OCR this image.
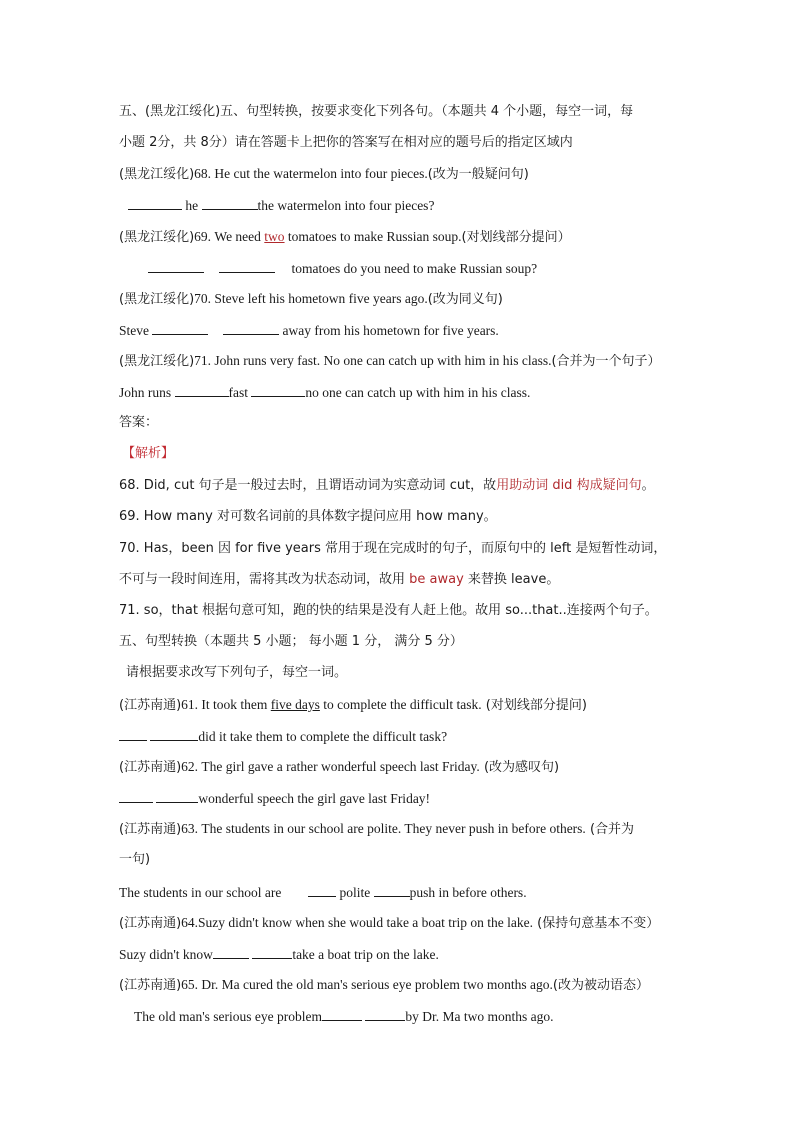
五、(黑龙江绥化)五、句型转换，按要求变化下列各句。（本题共 4 个小题，每空一词，每
小题 2分，共 8分）请在答题卡上把你的答案写在相对应的题号后的指定区域内
(黑龙江绥化)68. He cut the watermelon into four pieces.(改为一般疑问句)
he	the watermelon into four pieces?
(黑龙江绥化)69. We need two tomatoes to make Russian soup.(对划线部分提问）
tomatoes do you need to make Russian soup?
(黑龙江绥化)70. Steve left his hometown five years ago.(改为同义句)
Steve	away from his hometown for five years.
(黑龙江绥化)71. John runs very fast. No one can catch up with him in his class.(合并为一个句子）
John runs	fast	no one can catch up with him in his class.
答案：
【解析】
68. Did, cut 句子是一般过去时，且谓语动词为实意动词 cut，故用助动词 did 构成疑问句。
69. How many 对可数名词前的具体数字提问应用 how many。
70. Has，been 因 for five years 常用于现在完成时的句子，而原句中的 left 是短暂性动词，
不可与一段时间连用，需将其改为状态动词，故用 be away 来替换 leave。
71. so，that 根据句意可知，跑的快的结果是没有人赶上他。故用 so...that..连接两个句子。
五、句型转换（本题共 5 小题； 每小题 1 分， 满分 5 分）
请根据要求改写下列句子，每空一词。
(江苏南通)61. It took them five days to complete the difficult task. (对划线部分提问)
did it take them to complete the difficult task?
(江苏南通)62. The girl gave a rather wonderful speech last Friday. (改为感叹句)
wonderful speech the girl gave last Friday!
(江苏南通)63. The students in our school are polite. They never push in before others. (合并为
一句)
The students in our school are	polite	push in before others.
(江苏南通)64.Suzy didn't know when she would take a boat trip on the lake. (保持句意基本不变）
Suzy didn't know	take a boat trip on the lake.
(江苏南通)65. Dr. Ma cured the old man's serious eye problem two months ago.(改为被动语态）
The old man's serious eye problem	by Dr. Ma two months ago.
